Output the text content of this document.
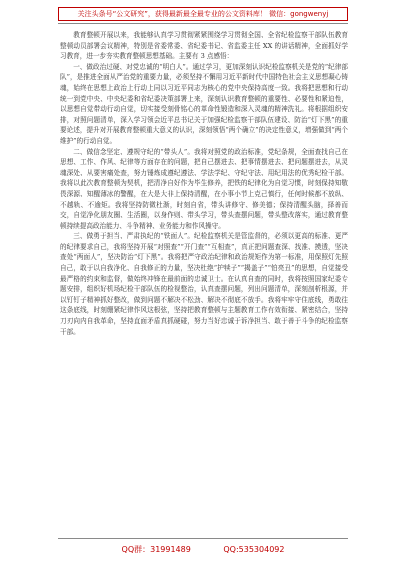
关注头条号“公文研究”，获得最新最全最专业的公文资料库！ 微信：gongwenyj

教育整顿开展以来，我能够认真学习贯彻紧紧围绕学习贯彻全国、全省纪检监察干部队伍教育整顿动员部署会议精神，特别是省委常委、省纪委书记、省监委主任 XX 的讲话精神，全面抓好学习教育，进一步夯实教育整顿思想基础。主要有 3 点感悟：

一、做政治过硬、对党忠诚的“明白人”。通过学习，更加深刻认识纪检监察机关是党的“纪律部队”，是推进全面从严治党的重要力量，必须坚持不懈用习近平新时代中国特色社会主义思想凝心铸魂，始终在思想上政治上行动上同以习近平同志为核心的党中央保持高度一致。我将把思想和行动统一到党中央、中央纪委和省纪委决策部署上来，深刻认识教育整顿的重要性、必要性和紧迫性，以思想自觉带动行动自觉，切实接受刻骨铭心的革命性锻造和深入灵魂的精神洗礼。将根据组织安排，对照问题清单，深入学习领会近平总书记关于加强纪检监察干部队伍建设、防治“灯下黑”的重要论述，提升对开展教育整顿重大意义的认识，深刻领悟“两个确立”的决定性意义，增强做到“两个维护”的行动自觉。

二、做信念坚定、遵规守纪的“带头人”。我将对照党的政治标准，党纪条规，全面查找自己在思想、工作、作风、纪律等方面存在的问题，把自己摆进去、把事情摆进去、把问题摆进去，从灵魂深处、从要害痛处查，努力锤炼成遵纪遵法、学法学纪、守纪守法、用纪用法的优秀纪检干部。我将以此次教育整顿为契机，把清净自好作为毕生修养，把铁的纪律化为自觉习惯，时刻保持知敬畏深源、知醒薄冰的警醒，在大是大非上保持清醒，在小事小节上克己慎行，任何时候都不放纵、不越轨、不逾矩。我将坚持防微杜渐，时刻自省，带头讲修守、修美德；保持清醒头脑，择善而交，自觉净化朋友圈、生活圈，以身作则、带头学习，带头查摆问题，带头整改落实，通过教育整顿持续提高政治能力、斗争精神、业务能力和作风操守。

三、做勇于担当、严肃执纪的“铁面人”。纪检监察机关是管监督的，必须以更高的标准、更严的纪律要求自己，我将坚持开展“对照查”“开门查”“互相查”，真正把问题查深、找准、摸透，坚决查处“两面人”，坚决防治“灯下黑”。我将把严守政治纪律和政治规矩作为第一标准，用保照灯先照自己，敢于以自我净化、自我修正的力量，坚决杜绝“护犊子”“揭盖子”“怕亮丑”的思想，自觉接受最严格的约束和监督，做始终冲锋在最前面的忠诚卫士。在认真自查的同时，我将按照国家纪委专题安排，组织好机场纪检干部队伍的检视整治，认真查摆问题，列出问题清单，深刻剖析根源，并以钉钉子精神抓好整改，做到问题不解决不松劲、解决不彻底不放手。我将牢牢守住底线，勇敢往这条底线，时刻绷紧纪律作风这根弦，坚持把教育整顿与主题教育工作有效衔接、紧密结合，坚持刀刃向内自我革命，坚持直面矛盾真抓硬碰，努力当好忠诚于诉净担当、敢于善于斗争的纪检监察干部。

QQ群：31991489	QQ:535304092
